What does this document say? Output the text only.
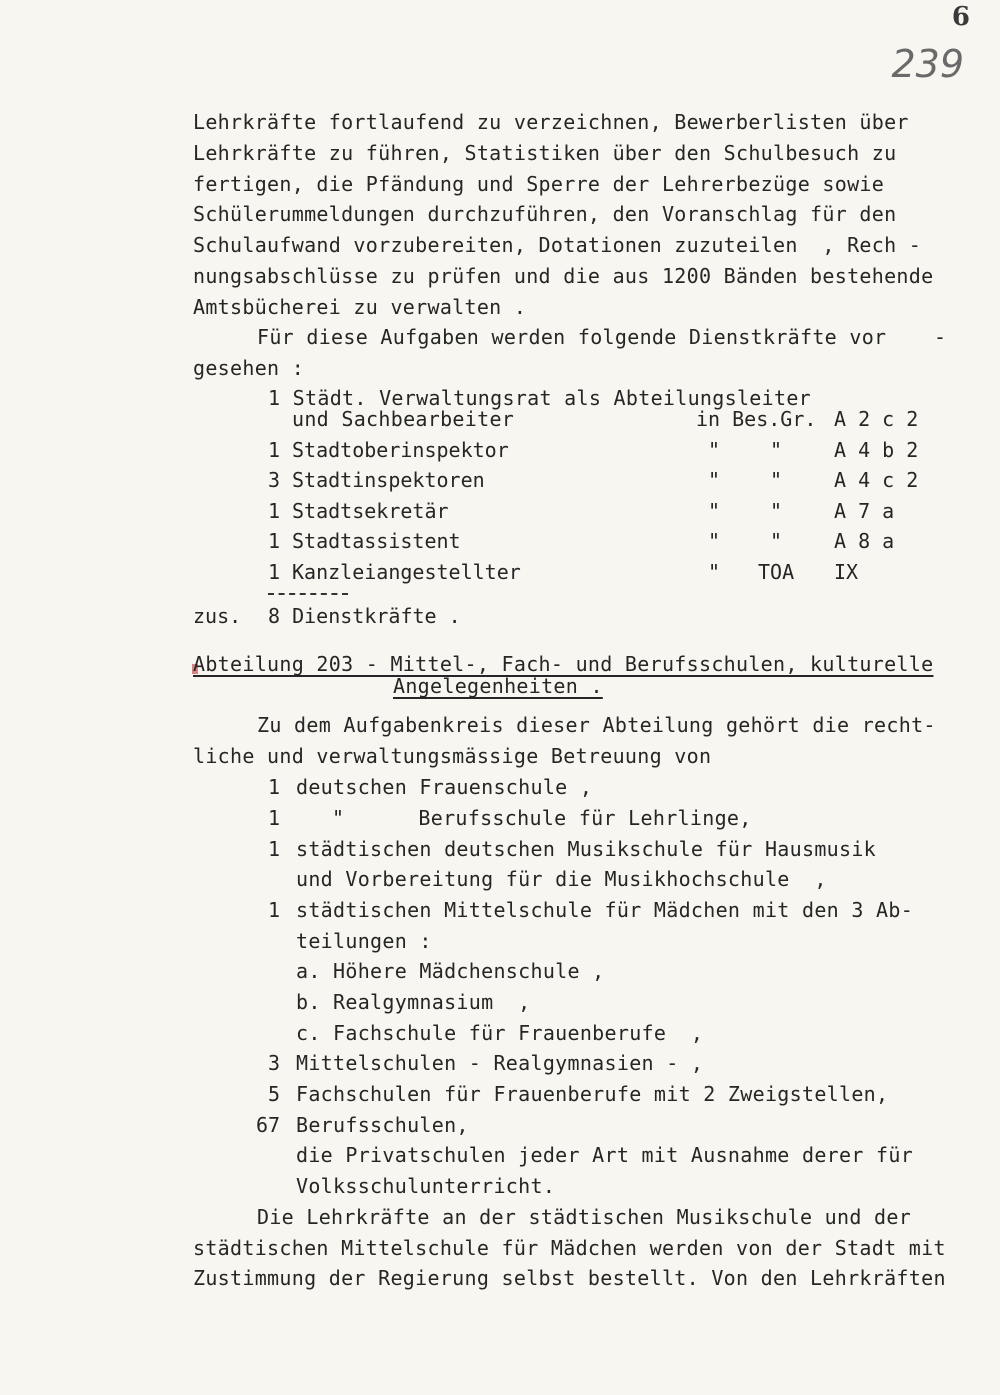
6
239
Lehrkräfte fortlaufend zu verzeichnen, Bewerberlisten über
Lehrkräfte zu führen, Statistiken über den Schulbesuch zu
fertigen, die Pfändung und Sperre der Lehrerbezüge sowie
Schülerummeldungen durchzuführen, den Voranschlag für den
Schulaufwand vorzubereiten, Dotationen zuzuteilen  , Rech -
nungsabschlüsse zu prüfen und die aus 1200 Bänden bestehende
Amtsbücherei zu verwalten .
Für diese Aufgaben werden folgende Dienstkräfte vor -
gesehen :
1 Städt. Verwaltungsrat als Abteilungsleiter
und Sachbearbeiter	in Bes.Gr. A 2 c 2
1 Stadtoberinspektor	" "	A 4 b 2
3 Stadtinspektoren	" "	A 4 c 2
1 Stadtsekretär	" "	A 7 a
1 Stadtassistent	" "	A 8 a
1 Kanzleiangestellter	" TOA IX
zus. 8 Dienstkräfte .
Abteilung 203 - Mittel-, Fach- und Berufsschulen, kulturelle
Angelegenheiten .
Zu dem Aufgabenkreis dieser Abteilung gehört die recht-
liche und verwaltungsmässige Betreuung von
1 deutschen Frauenschule ,
1	"      Berufsschule für Lehrlinge,
1 städtischen deutschen Musikschule für Hausmusik
und Vorbereitung für die Musikhochschule  ,
1 städtischen Mittelschule für Mädchen mit den 3 Ab-
teilungen :
a. Höhere Mädchenschule ,
b. Realgymnasium  ,
c. Fachschule für Frauenberufe  ,
3 Mittelschulen - Realgymnasien - ,
5 Fachschulen für Frauenberufe mit 2 Zweigstellen,
67 Berufsschulen,
die Privatschulen jeder Art mit Ausnahme derer für
Volksschulunterricht.
Die Lehrkräfte an der städtischen Musikschule und der
städtischen Mittelschule für Mädchen werden von der Stadt mit
Zustimmung der Regierung selbst bestellt. Von den Lehrkräften
